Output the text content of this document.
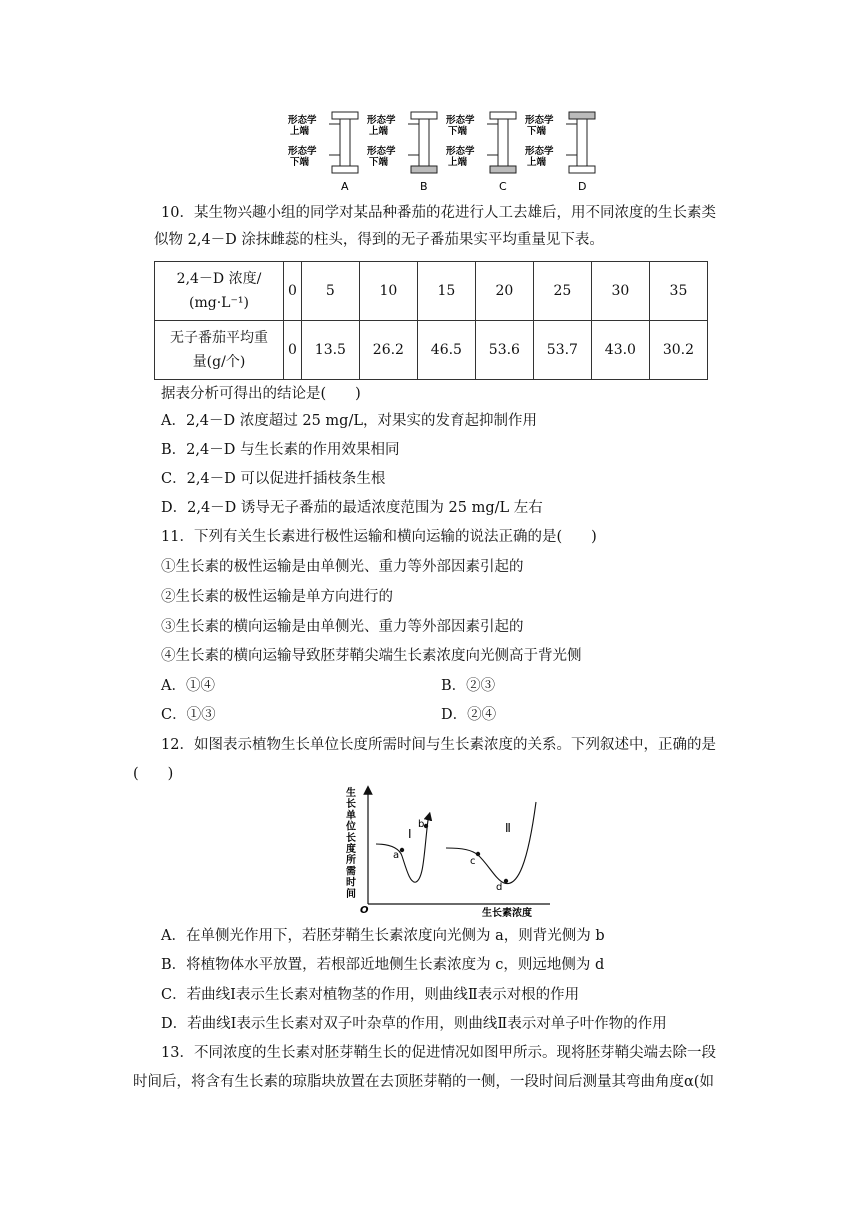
形态学
上端
形态学
下端
A
形态学
上端
形态学
下端
B
形态学
下端
形态学
上端
C
形态学
下端
形态学
上端
D
10．某生物兴趣小组的同学对某品种番茄的花进行人工去雄后，用不同浓度的生长素类
似物 2,4－D 涂抹雌蕊的柱头，得到的无子番茄果实平均重量见下表。
2,4－D 浓度/
(mg·L⁻¹)	0	5	10	15	20	25	30	35

无子番茄平均重
量(g/个)	0	13.5	26.2	46.5	53.6	53.7	43.0	30.2
据表分析可得出的结论是(　　)
A．2,4－D 浓度超过 25 mg/L，对果实的发育起抑制作用
B．2,4－D 与生长素的作用效果相同
C．2,4－D 可以促进扦插枝条生根
D．2,4－D 诱导无子番茄的最适浓度范围为 25 mg/L 左右
11．下列有关生长素进行极性运输和横向运输的说法正确的是(　　)
①生长素的极性运输是由单侧光、重力等外部因素引起的
②生长素的极性运输是单方向进行的
③生长素的横向运输是由单侧光、重力等外部因素引起的
④生长素的横向运输导致胚芽鞘尖端生长素浓度向光侧高于背光侧
A．①④	B．②③
C．①③	D．②④
12．如图表示植物生长单位长度所需时间与生长素浓度的关系。下列叙述中，正确的是
(　　)
a
b
c
d
Ⅰ	Ⅱ
O	生长素浓度
生
长
单
位
长
度
所
需
时
间
A．在单侧光作用下，若胚芽鞘生长素浓度向光侧为 a，则背光侧为 b
B．将植物体水平放置，若根部近地侧生长素浓度为 c，则远地侧为 d
C．若曲线Ⅰ表示生长素对植物茎的作用，则曲线Ⅱ表示对根的作用
D．若曲线Ⅰ表示生长素对双子叶杂草的作用，则曲线Ⅱ表示对单子叶作物的作用
13．不同浓度的生长素对胚芽鞘生长的促进情况如图甲所示。现将胚芽鞘尖端去除一段
时间后，将含有生长素的琼脂块放置在去顶胚芽鞘的一侧，一段时间后测量其弯曲角度α(如
